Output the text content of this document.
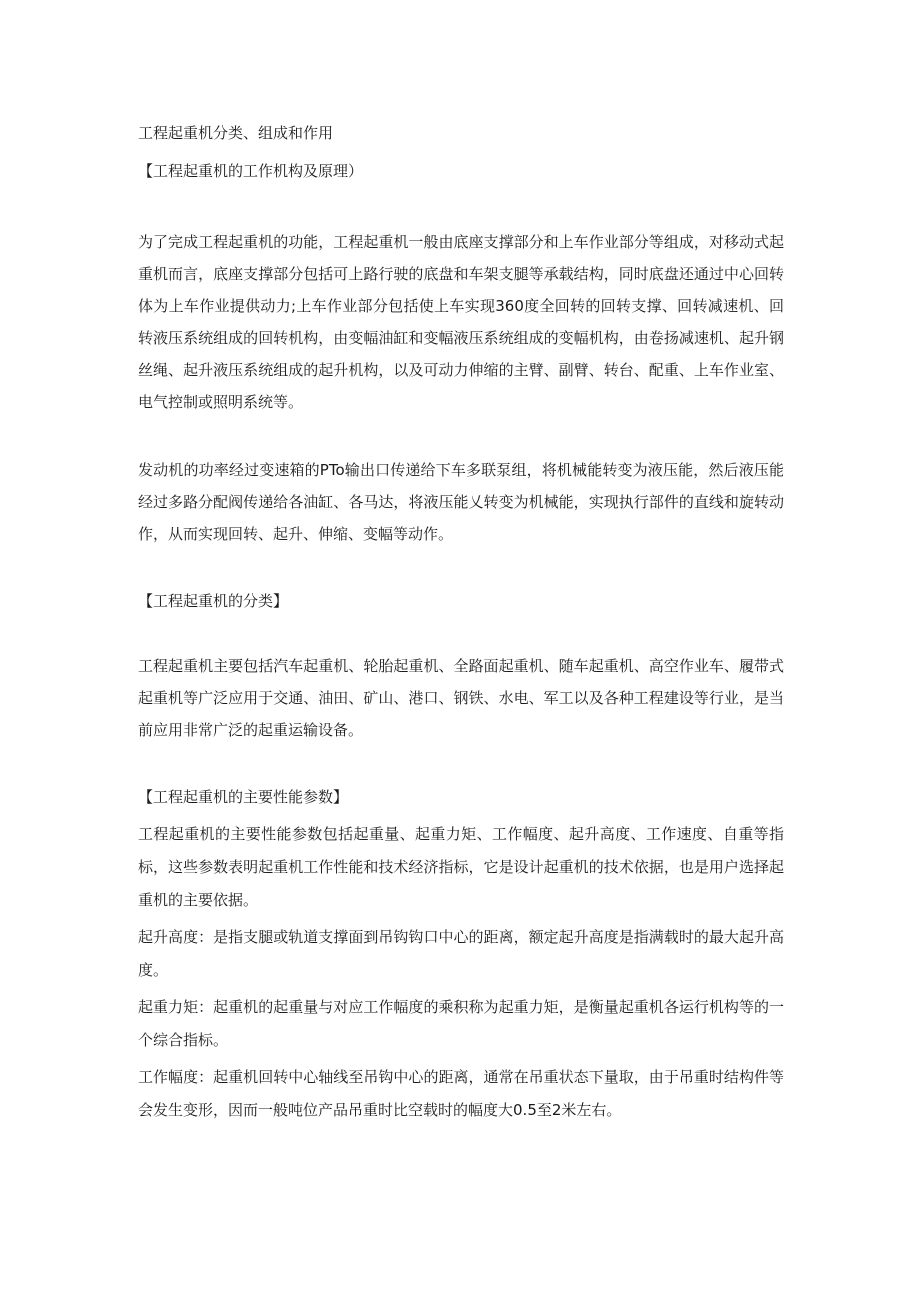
工程起重机分类、组成和作用

【工程起重机的工作机构及原理）

为了完成工程起重机的功能，工程起重机一般由底座支撑部分和上车作业部分等组成，对移动式起重机而言，底座支撑部分包括可上路行驶的底盘和车架支腿等承载结构，同时底盘还通过中心回转体为上车作业提供动力;上车作业部分包括使上车实现360度全回转的回转支撑、回转减速机、回转液压系统组成的回转机构，由变幅油缸和变幅液压系统组成的变幅机构，由卷扬减速机、起升钢丝绳、起升液压系统组成的起升机构，以及可动力伸缩的主臂、副臂、转台、配重、上车作业室、电气控制或照明系统等。

发动机的功率经过变速箱的PTo输出口传递给下车多联泵组，将机械能转变为液压能，然后液压能经过多路分配阀传递给各油缸、各马达，将液压能乂转变为机械能，实现执行部件的直线和旋转动作，从而实现回转、起升、伸缩、变幅等动作。

【工程起重机的分类】

工程起重机主要包括汽车起重机、轮胎起重机、全路面起重机、随车起重机、高空作业车、履带式起重机等广泛应用于交通、油田、矿山、港口、钢铁、水电、军工以及各种工程建设等行业，是当前应用非常广泛的起重运输设备。

【工程起重机的主要性能参数】

工程起重机的主要性能参数包括起重量、起重力矩、工作幅度、起升高度、工作速度、自重等指标，这些参数表明起重机工作性能和技术经济指标，它是设计起重机的技术依据，也是用户选择起重机的主要依据。

起升高度：是指支腿或轨道支撑面到吊钩钩口中心的距离，额定起升高度是指满载时的最大起升高度。

起重力矩：起重机的起重量与对应工作幅度的乘积称为起重力矩，是衡量起重机各运行机构等的一个综合指标。

工作幅度：起重机回转中心轴线至吊钩中心的距离，通常在吊重状态下量取，由于吊重时结构件等会发生变形，因而一般吨位产品吊重时比空载时的幅度大0.5至2米左右。
